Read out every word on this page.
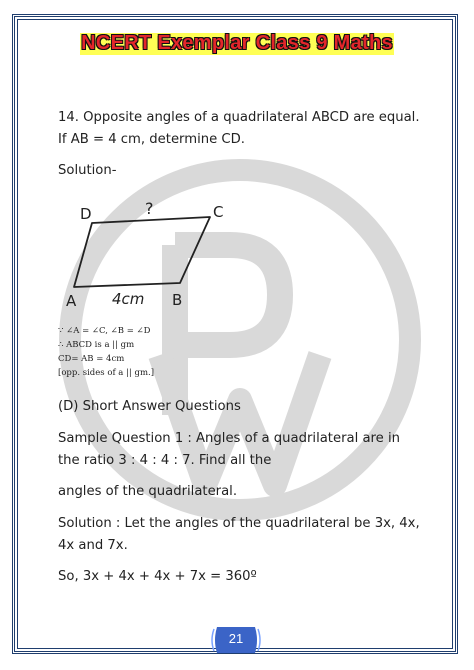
NCERT Exemplar Class 9 Maths
14. Opposite angles of a quadrilateral ABCD are equal.
If AB = 4 cm, determine CD.
Solution-
D	?	C
A 4cm B
∵ ∠A = ∠C, ∠B = ∠D
∴ ABCD is a || gm
CD= AB = 4cm
[opp. sides of a || gm.]
(D) Short Answer Questions
Sample Question 1 : Angles of a quadrilateral are in
the ratio 3 : 4 : 4 : 7. Find all the
angles of the quadrilateral.
Solution : Let the angles of the quadrilateral be 3x, 4x,
4x and 7x.
So, 3x + 4x + 4x + 7x = 360º
21
